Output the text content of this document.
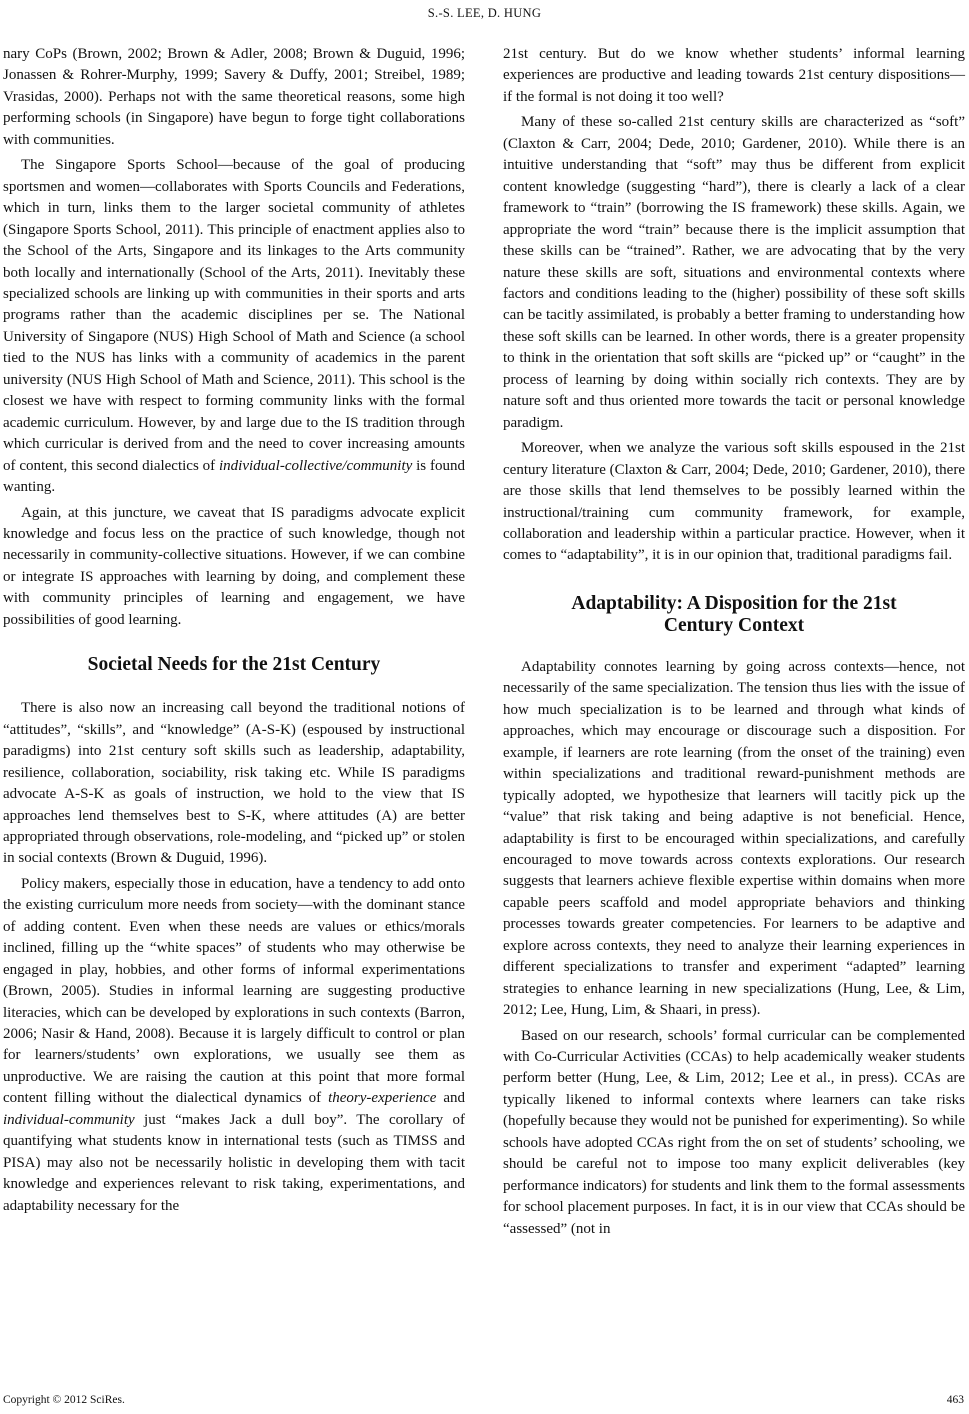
S.-S. LEE, D. HUNG

nary CoPs (Brown, 2002; Brown & Adler, 2008; Brown & Duguid, 1996; Jonassen & Rohrer-Murphy, 1999; Savery & Duffy, 2001; Streibel, 1989; Vrasidas, 2000). Perhaps not with the same theoretical reasons, some high performing schools (in Singapore) have begun to forge tight collaborations with communities.

The Singapore Sports School—because of the goal of producing sportsmen and women—collaborates with Sports Councils and Federations, which in turn, links them to the larger societal community of athletes (Singapore Sports School, 2011). This principle of enactment applies also to the School of the Arts, Singapore and its linkages to the Arts community both locally and internationally (School of the Arts, 2011). Inevitably these specialized schools are linking up with communities in their sports and arts programs rather than the academic disciplines per se. The National University of Singapore (NUS) High School of Math and Science (a school tied to the NUS has links with a community of academics in the parent university (NUS High School of Math and Science, 2011). This school is the closest we have with respect to forming community links with the formal academic curriculum. However, by and large due to the IS tradition through which curricular is derived from and the need to cover increasing amounts of content, this second dialectics of individual-collective/community is found wanting.

Again, at this juncture, we caveat that IS paradigms advocate explicit knowledge and focus less on the practice of such knowledge, though not necessarily in community-collective situations. However, if we can combine or integrate IS approaches with learning by doing, and complement these with community principles of learning and engagement, we have possibilities of good learning.

Societal Needs for the 21st Century

There is also now an increasing call beyond the traditional notions of “attitudes”, “skills”, and “knowledge” (A-S-K) (espoused by instructional paradigms) into 21st century soft skills such as leadership, adaptability, resilience, collaboration, sociability, risk taking etc. While IS paradigms advocate A-S-K as goals of instruction, we hold to the view that IS approaches lend themselves best to S-K, where attitudes (A) are better appropriated through observations, role-modeling, and “picked up” or stolen in social contexts (Brown & Duguid, 1996).

Policy makers, especially those in education, have a tendency to add onto the existing curriculum more needs from society—with the dominant stance of adding content. Even when these needs are values or ethics/morals inclined, filling up the “white spaces” of students who may otherwise be engaged in play, hobbies, and other forms of informal experimentations (Brown, 2005). Studies in informal learning are suggesting productive literacies, which can be developed by explorations in such contexts (Barron, 2006; Nasir & Hand, 2008). Because it is largely difficult to control or plan for learners/students’ own explorations, we usually see them as unproductive. We are raising the caution at this point that more formal content filling without the dialectical dynamics of theory-experience and individual-community just “makes Jack a dull boy”. The corollary of quantifying what students know in international tests (such as TIMSS and PISA) may also not be necessarily holistic in developing them with tacit knowledge and experiences relevant to risk taking, experimentations, and adaptability necessary for the

21st century. But do we know whether students’ informal learning experiences are productive and leading towards 21st century dispositions—if the formal is not doing it too well?

Many of these so-called 21st century skills are characterized as “soft” (Claxton & Carr, 2004; Dede, 2010; Gardener, 2010). While there is an intuitive understanding that “soft” may thus be different from explicit content knowledge (suggesting “hard”), there is clearly a lack of a clear framework to “train” (borrowing the IS framework) these skills. Again, we appropriate the word “train” because there is the implicit assumption that these skills can be “trained”. Rather, we are advocating that by the very nature these skills are soft, situations and environmental contexts where factors and conditions leading to the (higher) possibility of these soft skills can be tacitly assimilated, is probably a better framing to understanding how these soft skills can be learned. In other words, there is a greater propensity to think in the orientation that soft skills are “picked up” or “caught” in the process of learning by doing within socially rich contexts. They are by nature soft and thus oriented more towards the tacit or personal knowledge paradigm.

Moreover, when we analyze the various soft skills espoused in the 21st century literature (Claxton & Carr, 2004; Dede, 2010; Gardener, 2010), there are those skills that lend themselves to be possibly learned within the instructional/training cum community framework, for example, collaboration and leadership within a particular practice. However, when it comes to “adaptability”, it is in our opinion that, traditional paradigms fail.

Adaptability: A Disposition for the 21st
Century Context

Adaptability connotes learning by going across contexts—hence, not necessarily of the same specialization. The tension thus lies with the issue of how much specialization is to be learned and through what kinds of approaches, which may encourage or discourage such a disposition. For example, if learners are rote learning (from the onset of the training) even within specializations and traditional reward-punishment methods are typically adopted, we hypothesize that learners will tacitly pick up the “value” that risk taking and being adaptive is not beneficial. Hence, adaptability is first to be encouraged within specializations, and carefully encouraged to move towards across contexts explorations. Our research suggests that learners achieve flexible expertise within domains when more capable peers scaffold and model appropriate behaviors and thinking processes towards greater competencies. For learners to be adaptive and explore across contexts, they need to analyze their learning experiences in different specializations to transfer and experiment “adapted” learning strategies to enhance learning in new specializations (Hung, Lee, & Lim, 2012; Lee, Hung, Lim, & Shaari, in press).

Based on our research, schools’ formal curricular can be complemented with Co-Curricular Activities (CCAs) to help academically weaker students perform better (Hung, Lee, & Lim, 2012; Lee et al., in press). CCAs are typically likened to informal contexts where learners can take risks (hopefully because they would not be punished for experimenting). So while schools have adopted CCAs right from the on set of students’ schooling, we should be careful not to impose too many explicit deliverables (key performance indicators) for students and link them to the formal assessments for school placement purposes. In fact, it is in our view that CCAs should be “assessed” (not in

Copyright © 2012 SciRes.	463
